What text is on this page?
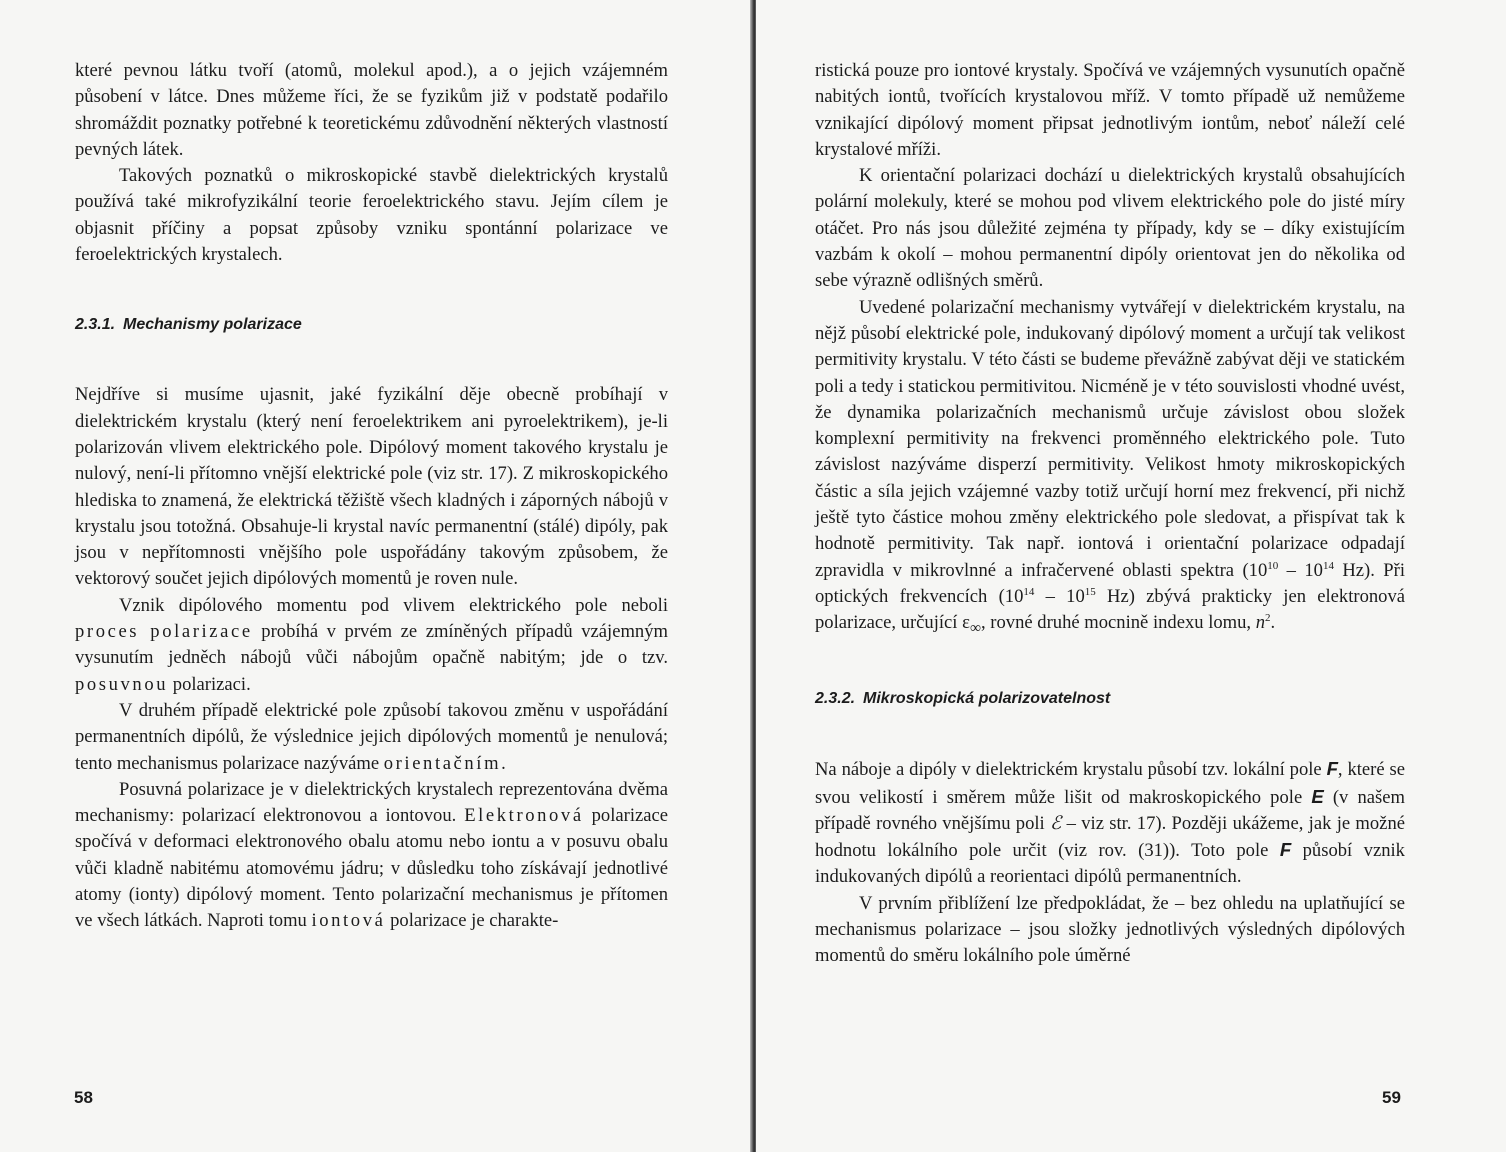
které pevnou látku tvoří (atomů, molekul apod.), a o jejich vzájemném působení v látce. Dnes můžeme říci, že se fyzikům již v podstatě podařilo shromáždit poznatky potřebné k teoretickému zdůvodnění některých vlastností pevných látek.

Takových poznatků o mikroskopické stavbě dielektrických krystalů používá také mikrofyzikální teorie feroelektrického stavu. Jejím cílem je objasnit příčiny a popsat způsoby vzniku spontánní polarizace ve feroelektrických krystalech.

2.3.1. Mechanismy polarizace

Nejdříve si musíme ujasnit, jaké fyzikální děje obecně probíhají v dielektrickém krystalu (který není feroelektrikem ani pyroelektrikem), je-li polarizován vlivem elektrického pole. Dipólový moment takového krystalu je nulový, není-li přítomno vnější elektrické pole (viz str. 17). Z mikroskopického hlediska to znamená, že elektrická těžiště všech kladných i záporných nábojů v krystalu jsou totožná. Obsahuje-li krystal navíc permanentní (stálé) dipóly, pak jsou v nepřítomnosti vnějšího pole uspořádány takovým způsobem, že vektorový součet jejich dipólových momentů je roven nule.

Vznik dipólového momentu pod vlivem elektrického pole neboli proces polarizace probíhá v prvém ze zmíněných případů vzájemným vysunutím jedněch nábojů vůči nábojům opačně nabitým; jde o tzv. posuvnou polarizaci.

V druhém případě elektrické pole způsobí takovou změnu v uspořádání permanentních dipólů, že výslednice jejich dipólových momentů je nenulová; tento mechanismus polarizace nazýváme orientačním.

Posuvná polarizace je v dielektrických krystalech reprezentována dvěma mechanismy: polarizací elektronovou a iontovou. Elektronová polarizace spočívá v deformaci elektronového obalu atomu nebo iontu a v posuvu obalu vůči kladně nabitému atomovému jádru; v důsledku toho získávají jednotlivé atomy (ionty) dipólový moment. Tento polarizační mechanismus je přítomen ve všech látkách. Naproti tomu iontová polarizace je charakte-

58

ristická pouze pro iontové krystaly. Spočívá ve vzájemných vysunutích opačně nabitých iontů, tvořících krystalovou mříž. V tomto případě už nemůžeme vznikající dipólový moment připsat jednotlivým iontům, neboť náleží celé krystalové mříži.

K orientační polarizaci dochází u dielektrických krystalů obsahujících polární molekuly, které se mohou pod vlivem elektrického pole do jisté míry otáčet. Pro nás jsou důležité zejména ty případy, kdy se – díky existujícím vazbám k okolí – mohou permanentní dipóly orientovat jen do několika od sebe výrazně odlišných směrů.

Uvedené polarizační mechanismy vytvářejí v dielektrickém krystalu, na nějž působí elektrické pole, indukovaný dipólový moment a určují tak velikost permitivity krystalu. V této části se budeme převážně zabývat ději ve statickém poli a tedy i statickou permitivitou. Nicméně je v této souvislosti vhodné uvést, že dynamika polarizačních mechanismů určuje závislost obou složek komplexní permitivity na frekvenci proměnného elektrického pole. Tuto závislost nazýváme disperzí permitivity. Velikost hmoty mikroskopických částic a síla jejich vzájemné vazby totiž určují horní mez frekvencí, při nichž ještě tyto částice mohou změny elektrického pole sledovat, a přispívat tak k hodnotě permitivity. Tak např. iontová i orientační polarizace odpadají zpravidla v mikrovlnné a infračervené oblasti spektra ($10^{10} - 10^{14}$ Hz). Při optických frekvencích ($10^{14} - 10^{15}$ Hz) zbývá prakticky jen elektronová polarizace, určující $\varepsilon_\infty$, rovné druhé mocnině indexu lomu, $n^2$.

2.3.2. Mikroskopická polarizovatelnost

Na náboje a dipóly v dielektrickém krystalu působí tzv. lokální pole F, které se svou velikostí i směrem může lišit od makroskopického pole E (v našem případě rovného vnějšímu poli ℰ – viz str. 17). Později ukážeme, jak je možné hodnotu lokálního pole určit (viz rov. (31)). Toto pole F působí vznik indukovaných dipólů a reorientaci dipólů permanentních.

V prvním přiblížení lze předpokládat, že – bez ohledu na uplatňující se mechanismus polarizace – jsou složky jednotlivých výsledných dipólových momentů do směru lokálního pole úměrné

59
